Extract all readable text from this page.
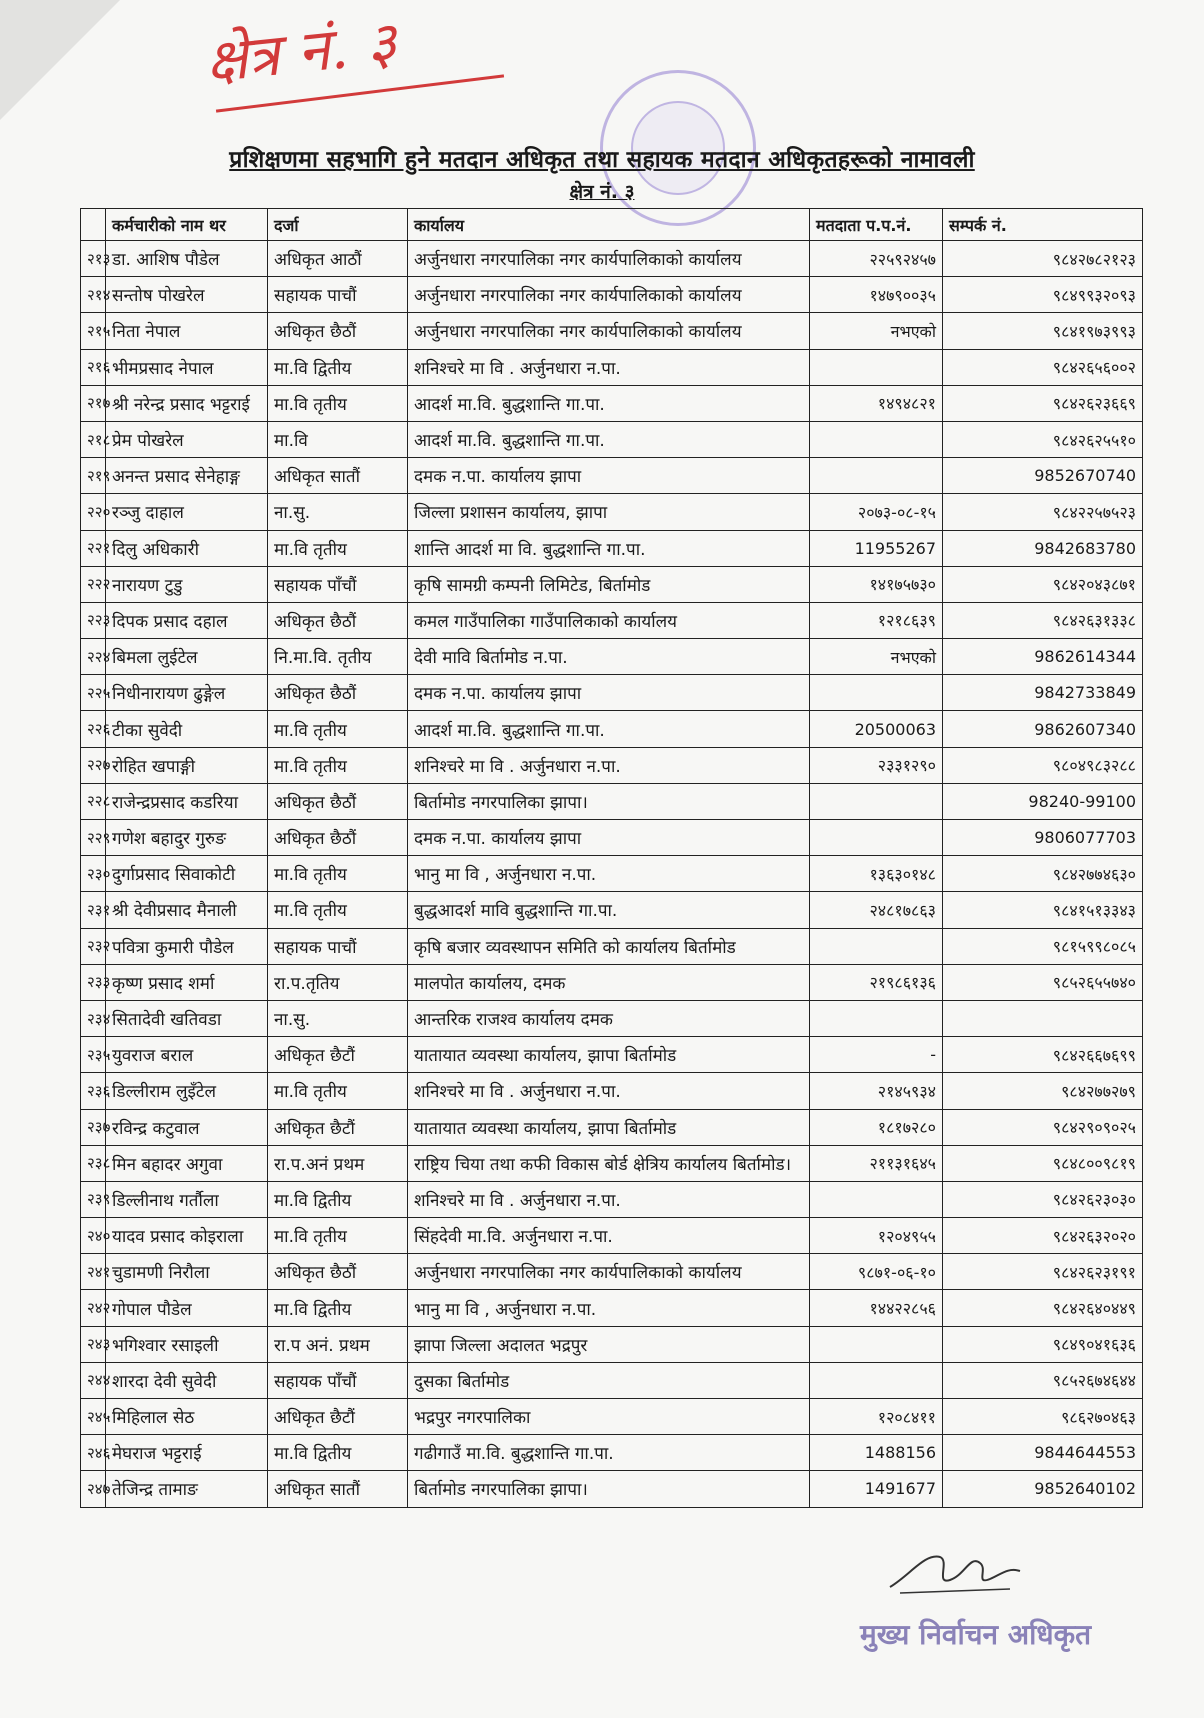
क्षेत्र नं. ३
प्रशिक्षणमा सहभागि हुने मतदान अधिकृत तथा सहायक मतदान अधिकृतहरूको नामावली
क्षेत्र नं. ३
	कर्मचारीको नाम थर	दर्जा	कार्यालय	मतदाता प.प.नं.	सम्पर्क नं.
२१३	डा. आशिष पौडेल	अधिकृत आठौं	अर्जुनधारा नगरपालिका नगर कार्यपालिकाको कार्यालय	२२५९२४५७	९८४२७८२१२३
२१४	सन्तोष पोखरेल	सहायक पाचौं	अर्जुनधारा नगरपालिका नगर कार्यपालिकाको कार्यालय	१४७९००३५	९८४९९३२०९३
२१५	निता नेपाल	अधिकृत छैठौं	अर्जुनधारा नगरपालिका नगर कार्यपालिकाको कार्यालय	नभएको	९८४१९७३९९३
२१६	भीमप्रसाद नेपाल	मा.वि द्वितीय	शनिश्चरे मा वि . अर्जुनधारा न.पा.		९८४२६५६००२
२१७	श्री नरेन्द्र प्रसाद भट्टराई	मा.वि तृतीय	आदर्श मा.वि. बुद्धशान्ति गा.पा.	१४९४८२१	९८४२६२३६६९
२१८	प्रेम पोखरेल	मा.वि	आदर्श मा.वि. बुद्धशान्ति गा.पा.		९८४२६२५५१०
२१९	अनन्त प्रसाद सेनेहाङ्ग	अधिकृत सातौं	दमक न.पा. कार्यालय झापा		9852670740
२२०	रञ्जु दाहाल	ना.सु.	जिल्ला प्रशासन कार्यालय, झापा	२०७३-०८-१५	९८४२२५७५२३
२२१	दिलु अधिकारी	मा.वि तृतीय	शान्ति आदर्श मा वि. बुद्धशान्ति गा.पा.	11955267	9842683780
२२२	नारायण टुडु	सहायक पाँचौं	कृषि सामग्री कम्पनी लिमिटेड, बिर्तामोड	१४१७५७३०	९८४२०४३८७१
२२३	दिपक प्रसाद दहाल	अधिकृत छैठौं	कमल गाउँपालिका गाउँपालिकाको कार्यालय	१२१८६३९	९८४२६३१३३८
२२४	बिमला लुईटेल	नि.मा.वि. तृतीय	देवी मावि बिर्तामोड न.पा.	नभएको	9862614344
२२५	निधीनारायण ढुङ्गेल	अधिकृत छैठौं	दमक न.पा. कार्यालय झापा		9842733849
२२६	टीका सुवेदी	मा.वि तृतीय	आदर्श मा.वि. बुद्धशान्ति गा.पा.	20500063	9862607340
२२७	रोहित खपाङ्गी	मा.वि तृतीय	शनिश्चरे मा वि . अर्जुनधारा न.पा.	२३३१२९०	९८०४९८३२८८
२२८	राजेन्द्रप्रसाद कडरिया	अधिकृत छैठौं	बिर्तामोड नगरपालिका झापा।		98240-99100
२२९	गणेश बहादुर गुरुङ	अधिकृत छैठौं	दमक न.पा. कार्यालय झापा		9806077703
२३०	दुर्गाप्रसाद सिवाकोटी	मा.वि तृतीय	भानु मा वि , अर्जुनधारा न.पा.	१३६३०१४८	९८४२७७४६३०
२३१	श्री देवीप्रसाद मैनाली	मा.वि तृतीय	बुद्धआदर्श मावि बुद्धशान्ति गा.पा.	२४८१७८६३	९८४१५१३३४३
२३२	पवित्रा कुमारी पौडेल	सहायक पाचौं	कृषि बजार व्यवस्थापन समिति को कार्यालय बिर्तामोड		९८१५९९८०८५
२३३	कृष्ण प्रसाद शर्मा	रा.प.तृतिय	मालपोत कार्यालय, दमक	२१९८६१३६	९८५२६५५७४०
२३४	सितादेवी खतिवडा	ना.सु.	आन्तरिक राजश्व कार्यालय दमक		
२३५	युवराज बराल	अधिकृत छैटौं	यातायात व्यवस्था कार्यालय, झापा बिर्तामोड	-	९८४२६६७६९९
२३६	डिल्लीराम लुइँटेल	मा.वि तृतीय	शनिश्चरे मा वि . अर्जुनधारा न.पा.	२१४५९३४	९८४२७७२७९
२३७	रविन्द्र कटुवाल	अधिकृत छैटौं	यातायात व्यवस्था कार्यालय, झापा बिर्तामोड	१८१७२८०	९८४२९०९०२५
२३८	मिन बहादर अगुवा	रा.प.अनं प्रथम	राष्ट्रिय चिया तथा कफी विकास बोर्ड क्षेत्रिय कार्यालय बिर्तामोड।	२११३१६४५	९८४८००९८१९
२३९	डिल्लीनाथ गर्तौला	मा.वि द्वितीय	शनिश्चरे मा वि . अर्जुनधारा न.पा.		९८४२६२३०३०
२४०	यादव प्रसाद कोइराला	मा.वि तृतीय	सिंहदेवी मा.वि. अर्जुनधारा न.पा.	१२०४९५५	९८४२६३२०२०
२४१	चुडामणी निरौला	अधिकृत छैठौं	अर्जुनधारा नगरपालिका नगर कार्यपालिकाको कार्यालय	९८७१-०६-१०	९८४२६२३१९१
२४२	गोपाल पौडेल	मा.वि द्वितीय	भानु मा वि , अर्जुनधारा न.पा.	१४४२२८५६	९८४२६४०४४९
२४३	भगिश्वार रसाइली	रा.प अनं. प्रथम	झापा जिल्ला अदालत भद्रपुर		९८४९०४१६३६
२४४	शारदा देवी सुवेदी	सहायक पाँचौं	दुसका बिर्तामोड		९८५२६७४६४४
२४५	मिहिलाल सेठ	अधिकृत छैटौं	भद्रपुर नगरपालिका	१२०८४११	९८६२७०४६३
२४६	मेघराज भट्टराई	मा.वि द्वितीय	गढीगाउँ मा.वि. बुद्धशान्ति गा.पा.	1488156	9844644553
२४७	तेजिन्द्र तामाङ	अधिकृत सातौं	बिर्तामोड नगरपालिका झापा।	1491677	9852640102
मुख्य निर्वाचन अधिकृत
